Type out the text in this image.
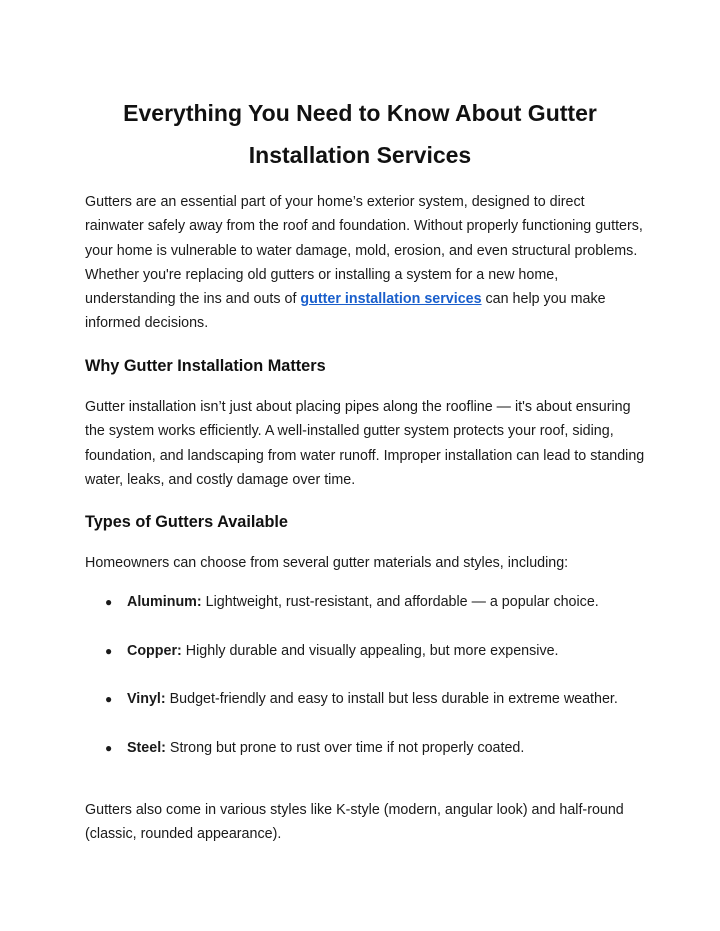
Everything You Need to Know About Gutter Installation Services

Gutters are an essential part of your home’s exterior system, designed to direct rainwater safely away from the roof and foundation. Without properly functioning gutters, your home is vulnerable to water damage, mold, erosion, and even structural problems. Whether you're replacing old gutters or installing a system for a new home, understanding the ins and outs of gutter installation services can help you make informed decisions.

Why Gutter Installation Matters

Gutter installation isn’t just about placing pipes along the roofline — it's about ensuring the system works efficiently. A well-installed gutter system protects your roof, siding, foundation, and landscaping from water runoff. Improper installation can lead to standing water, leaks, and costly damage over time.

Types of Gutters Available

Homeowners can choose from several gutter materials and styles, including:

● Aluminum: Lightweight, rust-resistant, and affordable — a popular choice.
● Copper: Highly durable and visually appealing, but more expensive.
● Vinyl: Budget-friendly and easy to install but less durable in extreme weather.
● Steel: Strong but prone to rust over time if not properly coated.

Gutters also come in various styles like K-style (modern, angular look) and half-round (classic, rounded appearance).
